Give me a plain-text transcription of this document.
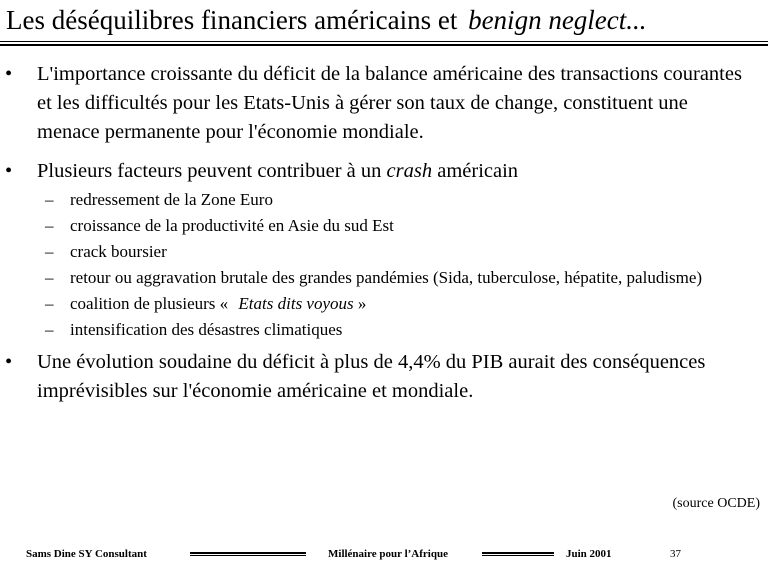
Les déséquilibres financiers américains et benign neglect...
• L'importance croissante du déficit de la balance américaine des transactions courantes et les difficultés pour les Etats-Unis à gérer son taux de change, constituent une menace permanente pour l'économie mondiale.
• Plusieurs facteurs peuvent contribuer à un crash américain
– redressement de la Zone Euro
– croissance de la productivité en Asie du sud Est
– crack boursier
– retour ou aggravation brutale des grandes pandémies (Sida, tuberculose, hépatite, paludisme)
– coalition de plusieurs « Etats dits voyous »
– intensification des désastres climatiques
• Une évolution soudaine du déficit à plus de 4,4% du PIB aurait des conséquences imprévisibles sur l'économie américaine et mondiale.
(source OCDE)
Sams Dine SY Consultant	Millénaire pour l’Afrique	Juin 2001	37
